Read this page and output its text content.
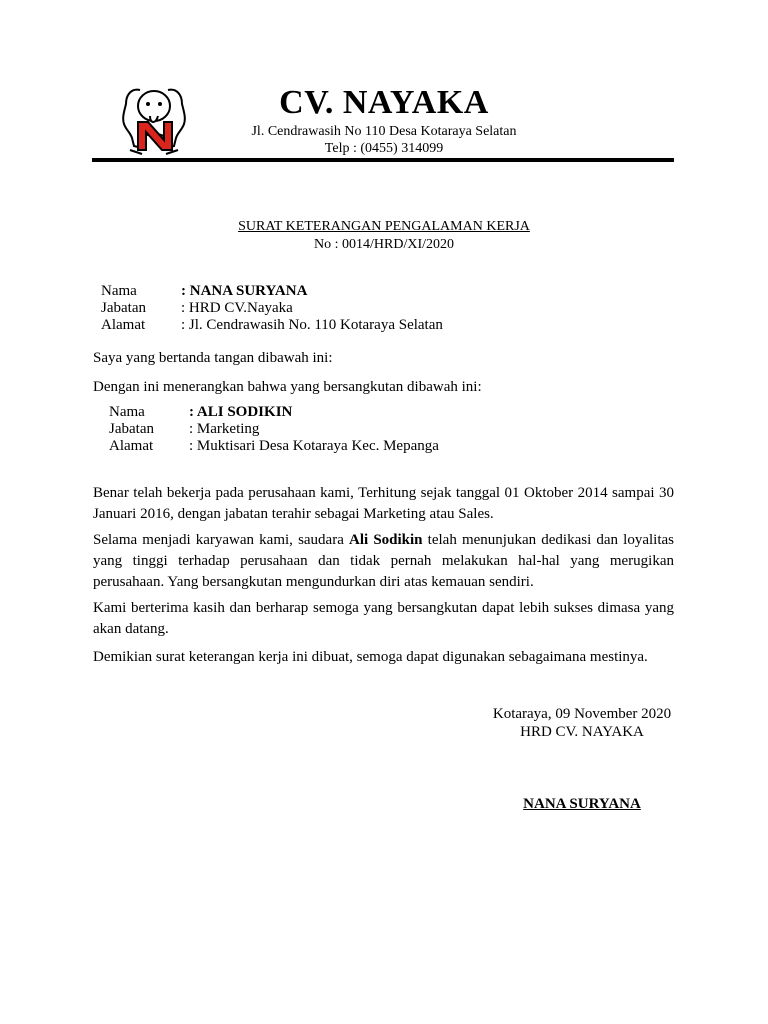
CV. NAYAKA
Jl. Cendrawasih No 110 Desa Kotaraya Selatan
Telp : (0455) 314099
SURAT KETERANGAN PENGALAMAN KERJA
No : 0014/HRD/XI/2020
Nama	: NANA SURYANA
Jabatan : HRD CV.Nayaka
Alamat : Jl. Cendrawasih No. 110 Kotaraya Selatan
Saya yang bertanda tangan dibawah ini:
Dengan ini menerangkan bahwa yang bersangkutan dibawah ini:
Nama	: ALI SODIKIN
Jabatan : Marketing
Alamat : Muktisari Desa Kotaraya Kec. Mepanga
Benar telah bekerja pada perusahaan kami, Terhitung sejak tanggal 01 Oktober 2014 sampai 30 Januari 2016, dengan jabatan terahir sebagai Marketing atau Sales.
Selama menjadi karyawan kami, saudara Ali Sodikin telah menunjukan dedikasi dan loyalitas yang tinggi terhadap perusahaan dan tidak pernah melakukan hal-hal yang merugikan perusahaan. Yang bersangkutan mengundurkan diri atas kemauan sendiri.
Kami berterima kasih dan berharap semoga yang bersangkutan dapat lebih sukses dimasa yang akan datang.
Demikian surat keterangan kerja ini dibuat, semoga dapat digunakan sebagaimana mestinya.
Kotaraya, 09 November 2020
HRD CV. NAYAKA
NANA SURYANA
